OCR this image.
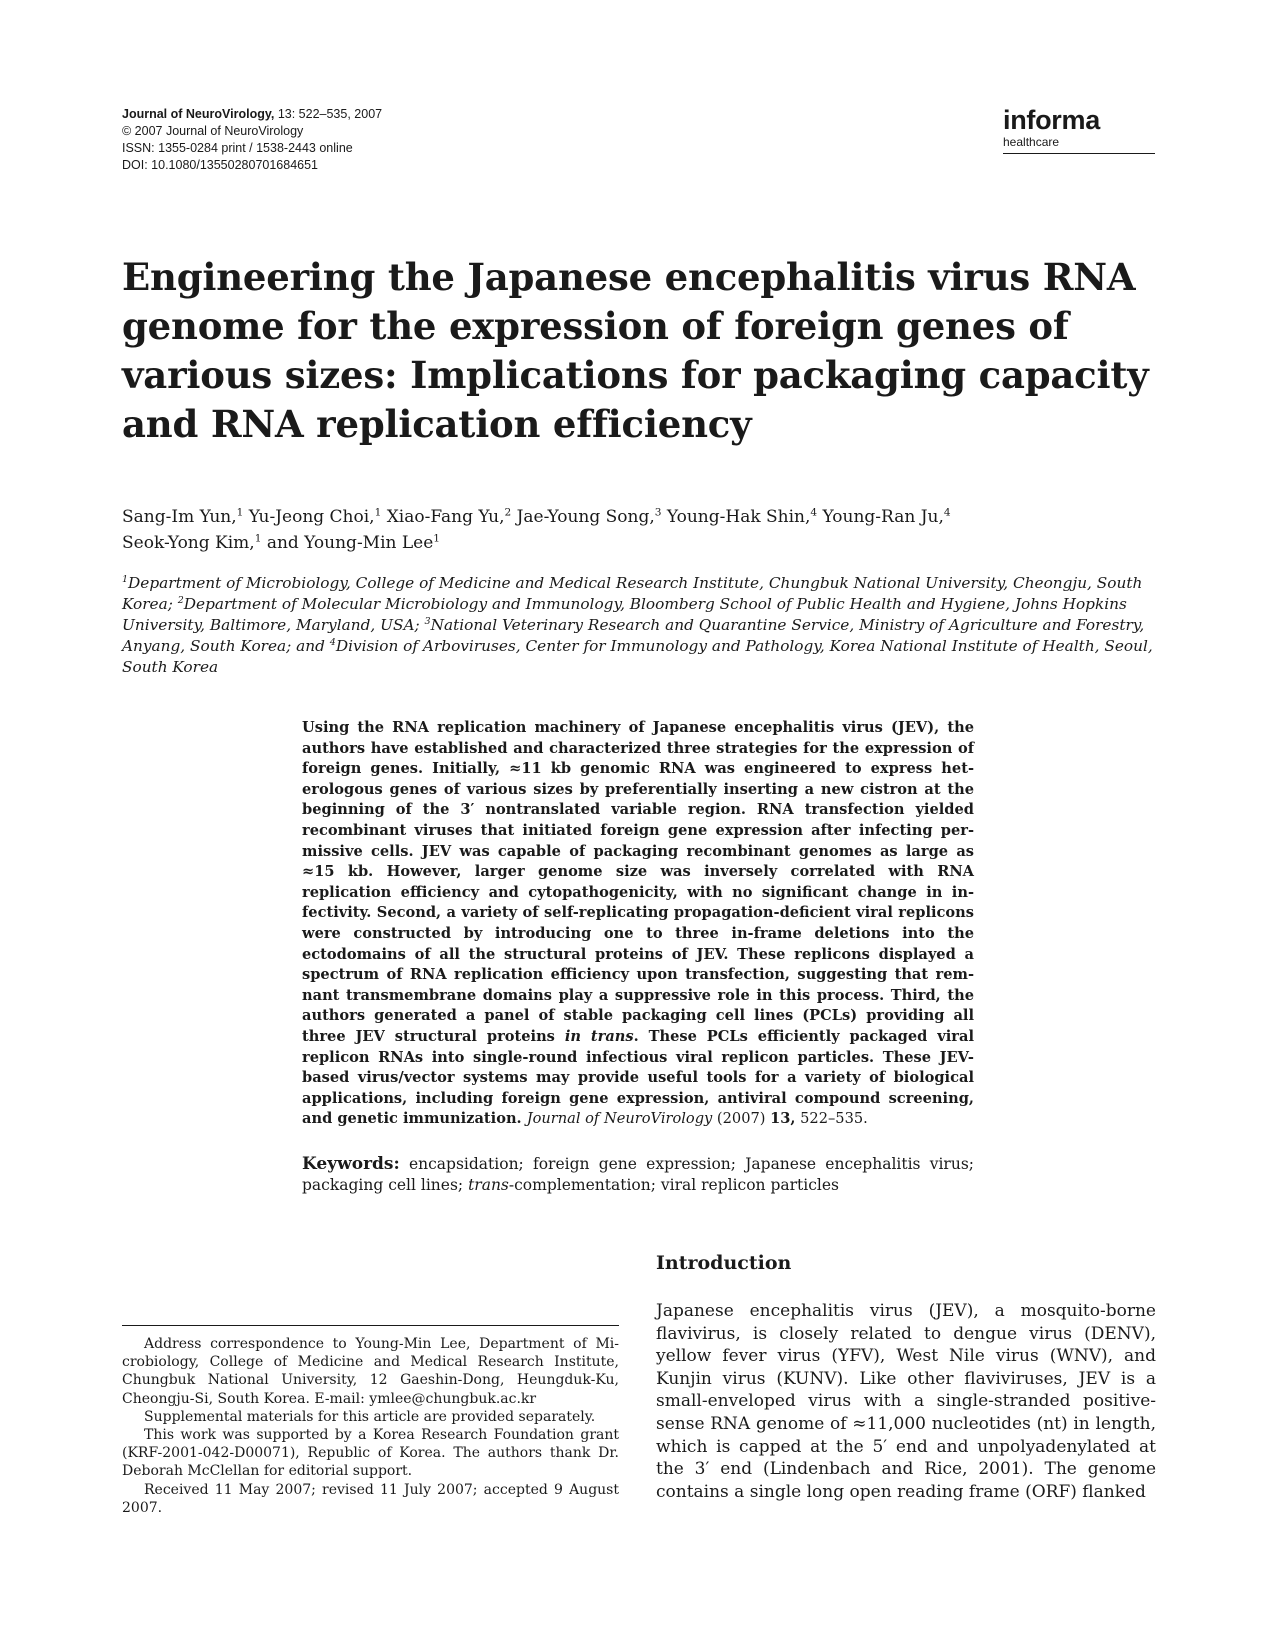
Journal of NeuroVirology, 13: 522–535, 2007
© 2007 Journal of NeuroVirology
ISSN: 1355-0284 print / 1538-2443 online
DOI: 10.1080/13550280701684651
informa
healthcare
Engineering the Japanese encephalitis virus RNA genome for the expression of foreign genes of various sizes: Implications for packaging capacity and RNA replication efficiency
Sang-Im Yun,$^1$ Yu-Jeong Choi,$^1$ Xiao-Fang Yu,$^2$ Jae-Young Song,$^3$ Young-Hak Shin,$^4$ Young-Ran Ju,$^4$
Seok-Yong Kim,$^1$ and Young-Min Lee$^1$
$^1$Department of Microbiology, College of Medicine and Medical Research Institute, Chungbuk National University, Cheongju, South Korea; $^2$Department of Molecular Microbiology and Immunology, Bloomberg School of Public Health and Hygiene, Johns Hopkins University, Baltimore, Maryland, USA; $^3$National Veterinary Research and Quarantine Service, Ministry of Agriculture and Forestry, Anyang, South Korea; and $^4$Division of Arboviruses, Center for Immunology and Pathology, Korea National Institute of Health, Seoul, South Korea
Using the RNA replication machinery of Japanese encephalitis virus (JEV), the authors have established and characterized three strategies for the expression of foreign genes. Initially, ≈11 kb genomic RNA was engineered to express heterologous genes of various sizes by preferentially inserting a new cistron at the beginning of the 3′ nontranslated variable region. RNA transfection yielded recombinant viruses that initiated foreign gene expression after infecting permissive cells. JEV was capable of packaging recombinant genomes as large as ≈15 kb. However, larger genome size was inversely correlated with RNA replication efficiency and cytopathogenicity, with no significant change in infectivity. Second, a variety of self-replicating propagation-deficient viral replicons were constructed by introducing one to three in-frame deletions into the ectodomains of all the structural proteins of JEV. These replicons displayed a spectrum of RNA replication efficiency upon transfection, suggesting that remnant transmembrane domains play a suppressive role in this process. Third, the authors generated a panel of stable packaging cell lines (PCLs) providing all three JEV structural proteins in trans. These PCLs efficiently packaged viral replicon RNAs into single-round infectious viral replicon particles. These JEV-based virus/vector systems may provide useful tools for a variety of biological applications, including foreign gene expression, antiviral compound screening, and genetic immunization. Journal of NeuroVirology (2007) 13, 522–535.
Keywords: encapsidation; foreign gene expression; Japanese encephalitis virus; packaging cell lines; trans-complementation; viral replicon particles
Introduction
Japanese encephalitis virus (JEV), a mosquito-borne flavivirus, is closely related to dengue virus (DENV), yellow fever virus (YFV), West Nile virus (WNV), and Kunjin virus (KUNV). Like other flaviviruses, JEV is a small-enveloped virus with a single-stranded positive-sense RNA genome of ≈11,000 nucleotides (nt) in length, which is capped at the 5′ end and unpolyadenylated at the 3′ end (Lindenbach and Rice, 2001). The genome contains a single long open reading frame (ORF) flanked

Address correspondence to Young-Min Lee, Department of Microbiology, College of Medicine and Medical Research Institute, Chungbuk National University, 12 Gaeshin-Dong, Heungduk-Ku, Cheongju-Si, South Korea. E-mail: ymlee@chungbuk.ac.kr

Supplemental materials for this article are provided separately.

This work was supported by a Korea Research Foundation grant (KRF-2001-042-D00071), Republic of Korea. The authors thank Dr. Deborah McClellan for editorial support.

Received 11 May 2007; revised 11 July 2007; accepted 9 August 2007.
